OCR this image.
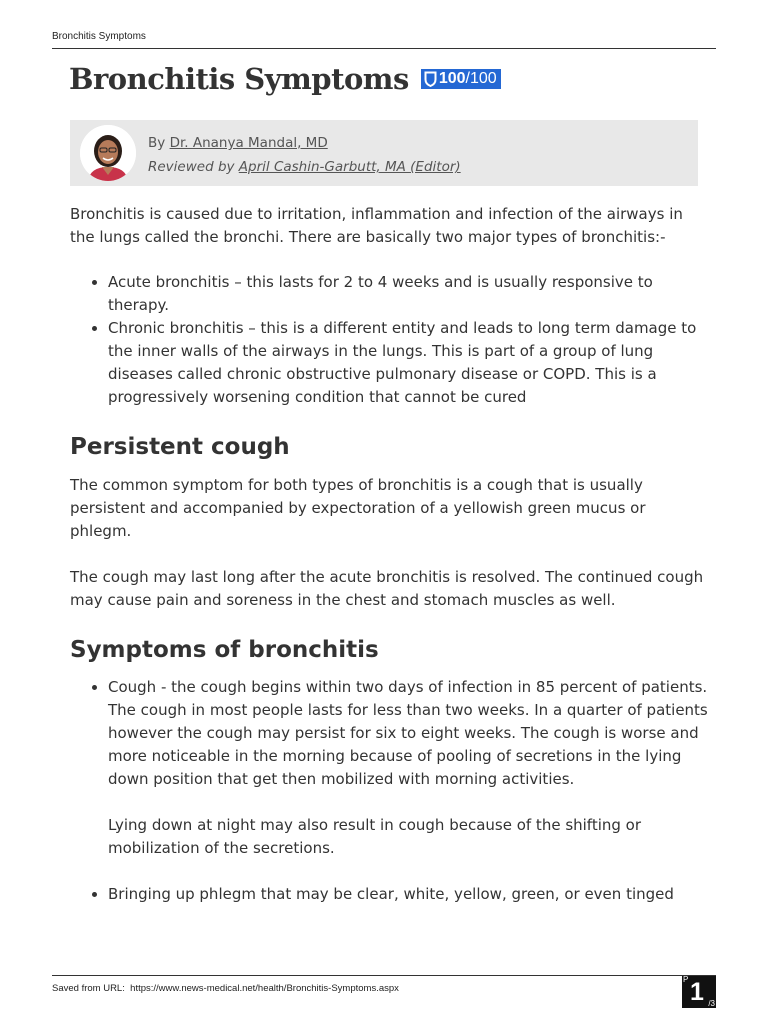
Bronchitis Symptoms
Bronchitis Symptoms 100 /100
By Dr. Ananya Mandal, MD
Reviewed by April Cashin-Garbutt, MA (Editor)

Bronchitis is caused due to irritation, inflammation and infection of the airways in the lungs called the bronchi. There are basically two major types of bronchitis:-

• Acute bronchitis – this lasts for 2 to 4 weeks and is usually responsive to therapy.
• Chronic bronchitis – this is a different entity and leads to long term damage to the inner walls of the airways in the lungs. This is part of a group of lung diseases called chronic obstructive pulmonary disease or COPD. This is a progressively worsening condition that cannot be cured
Persistent cough

The common symptom for both types of bronchitis is a cough that is usually persistent and accompanied by expectoration of a yellowish green mucus or phlegm.

The cough may last long after the acute bronchitis is resolved. The continued cough may cause pain and soreness in the chest and stomach muscles as well.

Symptoms of bronchitis
• Cough - the cough begins within two days of infection in 85 percent of patients. The cough in most people lasts for less than two weeks. In a quarter of patients however the cough may persist for six to eight weeks. The cough is worse and more noticeable in the morning because of pooling of secretions in the lying down position that get then mobilized with morning activities.
Lying down at night may also result in cough because of the shifting or mobilization of the secretions.
• Bringing up phlegm that may be clear, white, yellow, green, or even tinged
Saved from URL: https://www.news-medical.net/health/Bronchitis-Symptoms.aspx
P 1 /3
